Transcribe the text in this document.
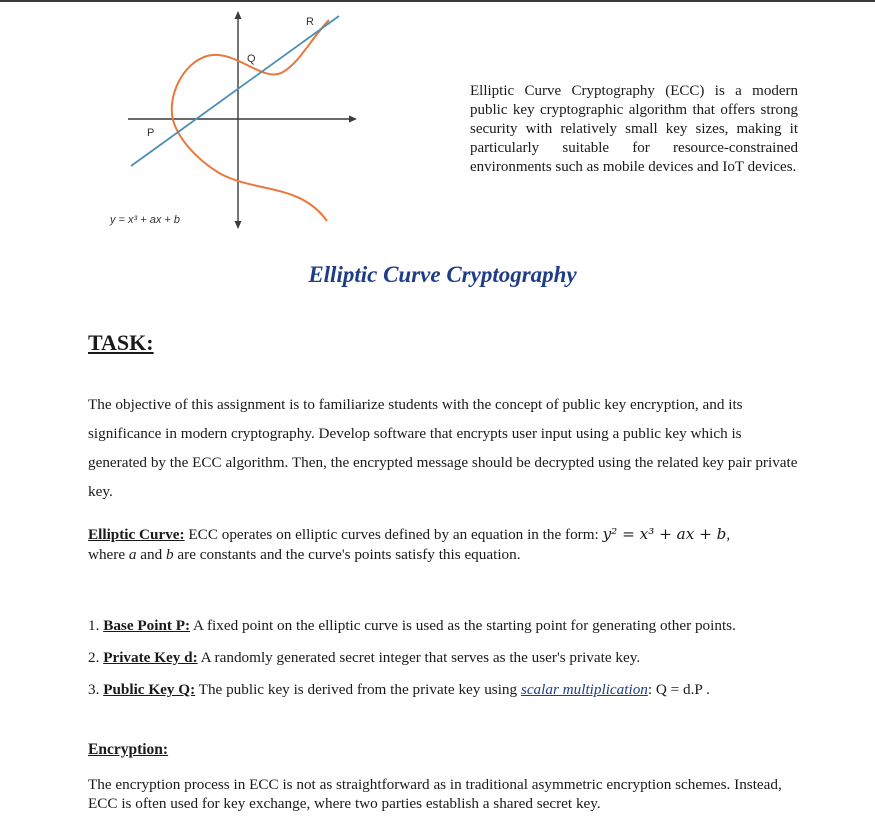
R
Q
P
y = x³ + ax + b
Elliptic Curve Cryptography (ECC) is a modern public key cryptographic algorithm that offers strong security with relatively small key sizes, making it particularly suitable for resource-constrained environments such as mobile devices and IoT devices.
Elliptic Curve Cryptography
TASK:
The objective of this assignment is to familiarize students with the concept of public key encryption, and its significance in modern cryptography. Develop software that encrypts user input using a public key which is generated by the ECC algorithm. Then, the encrypted message should be decrypted using the related key pair private key.
Elliptic Curve: ECC operates on elliptic curves defined by an equation in the form: y² = x³ + ax + b,
where a and b are constants and the curve's points satisfy this equation.
1. Base Point P: A fixed point on the elliptic curve is used as the starting point for generating other points.
2. Private Key d: A randomly generated secret integer that serves as the user's private key.
3. Public Key Q: The public key is derived from the private key using scalar multiplication: Q = d.P .
Encryption:
The encryption process in ECC is not as straightforward as in traditional asymmetric encryption schemes. Instead, ECC is often used for key exchange, where two parties establish a shared secret key.
